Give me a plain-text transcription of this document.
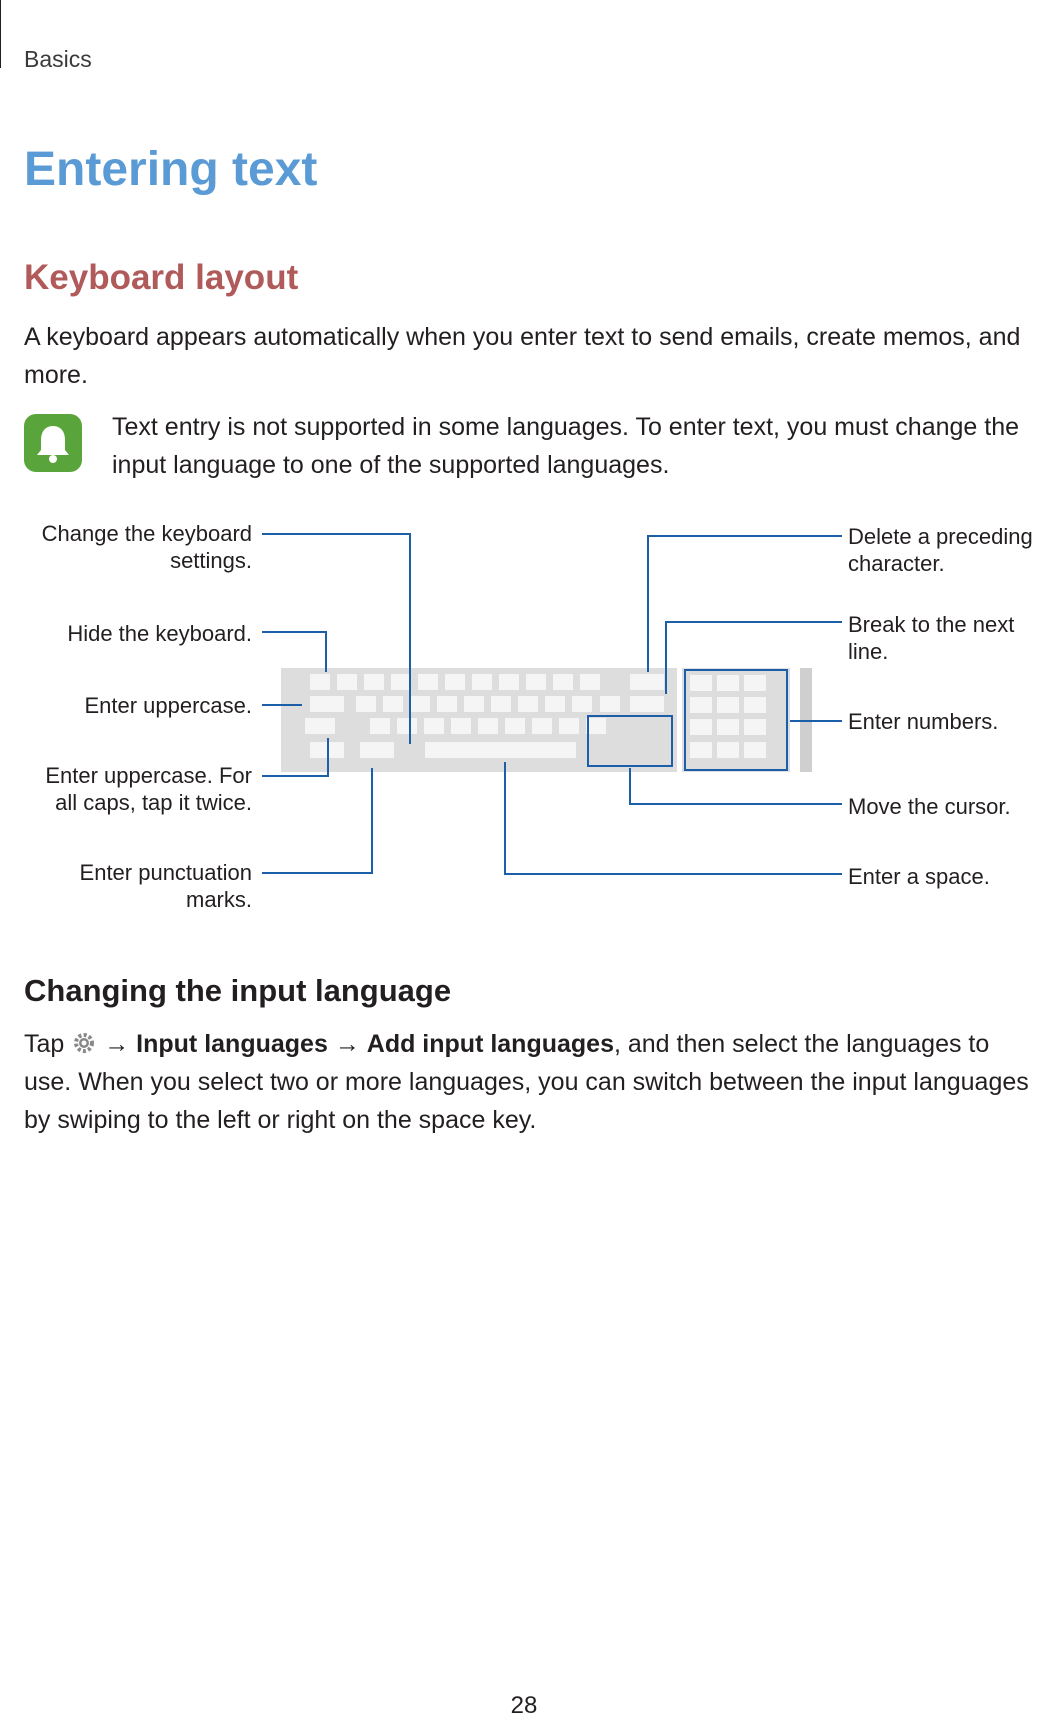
Basics
Entering text
Keyboard layout
A keyboard appears automatically when you enter text to send emails, create memos, and more.
Text entry is not supported in some languages. To enter text, you must change the input language to one of the supported languages.
Change the keyboard settings.
Hide the keyboard.
Enter uppercase.
Enter uppercase. For all caps, tap it twice.
Enter punctuation marks.
Delete a preceding character.
Break to the next line.
Enter numbers.
Move the cursor.
Enter a space.
Changing the input language
Tap → Input languages → Add input languages, and then select the languages to use. When you select two or more languages, you can switch between the input languages by swiping to the left or right on the space key.
28
